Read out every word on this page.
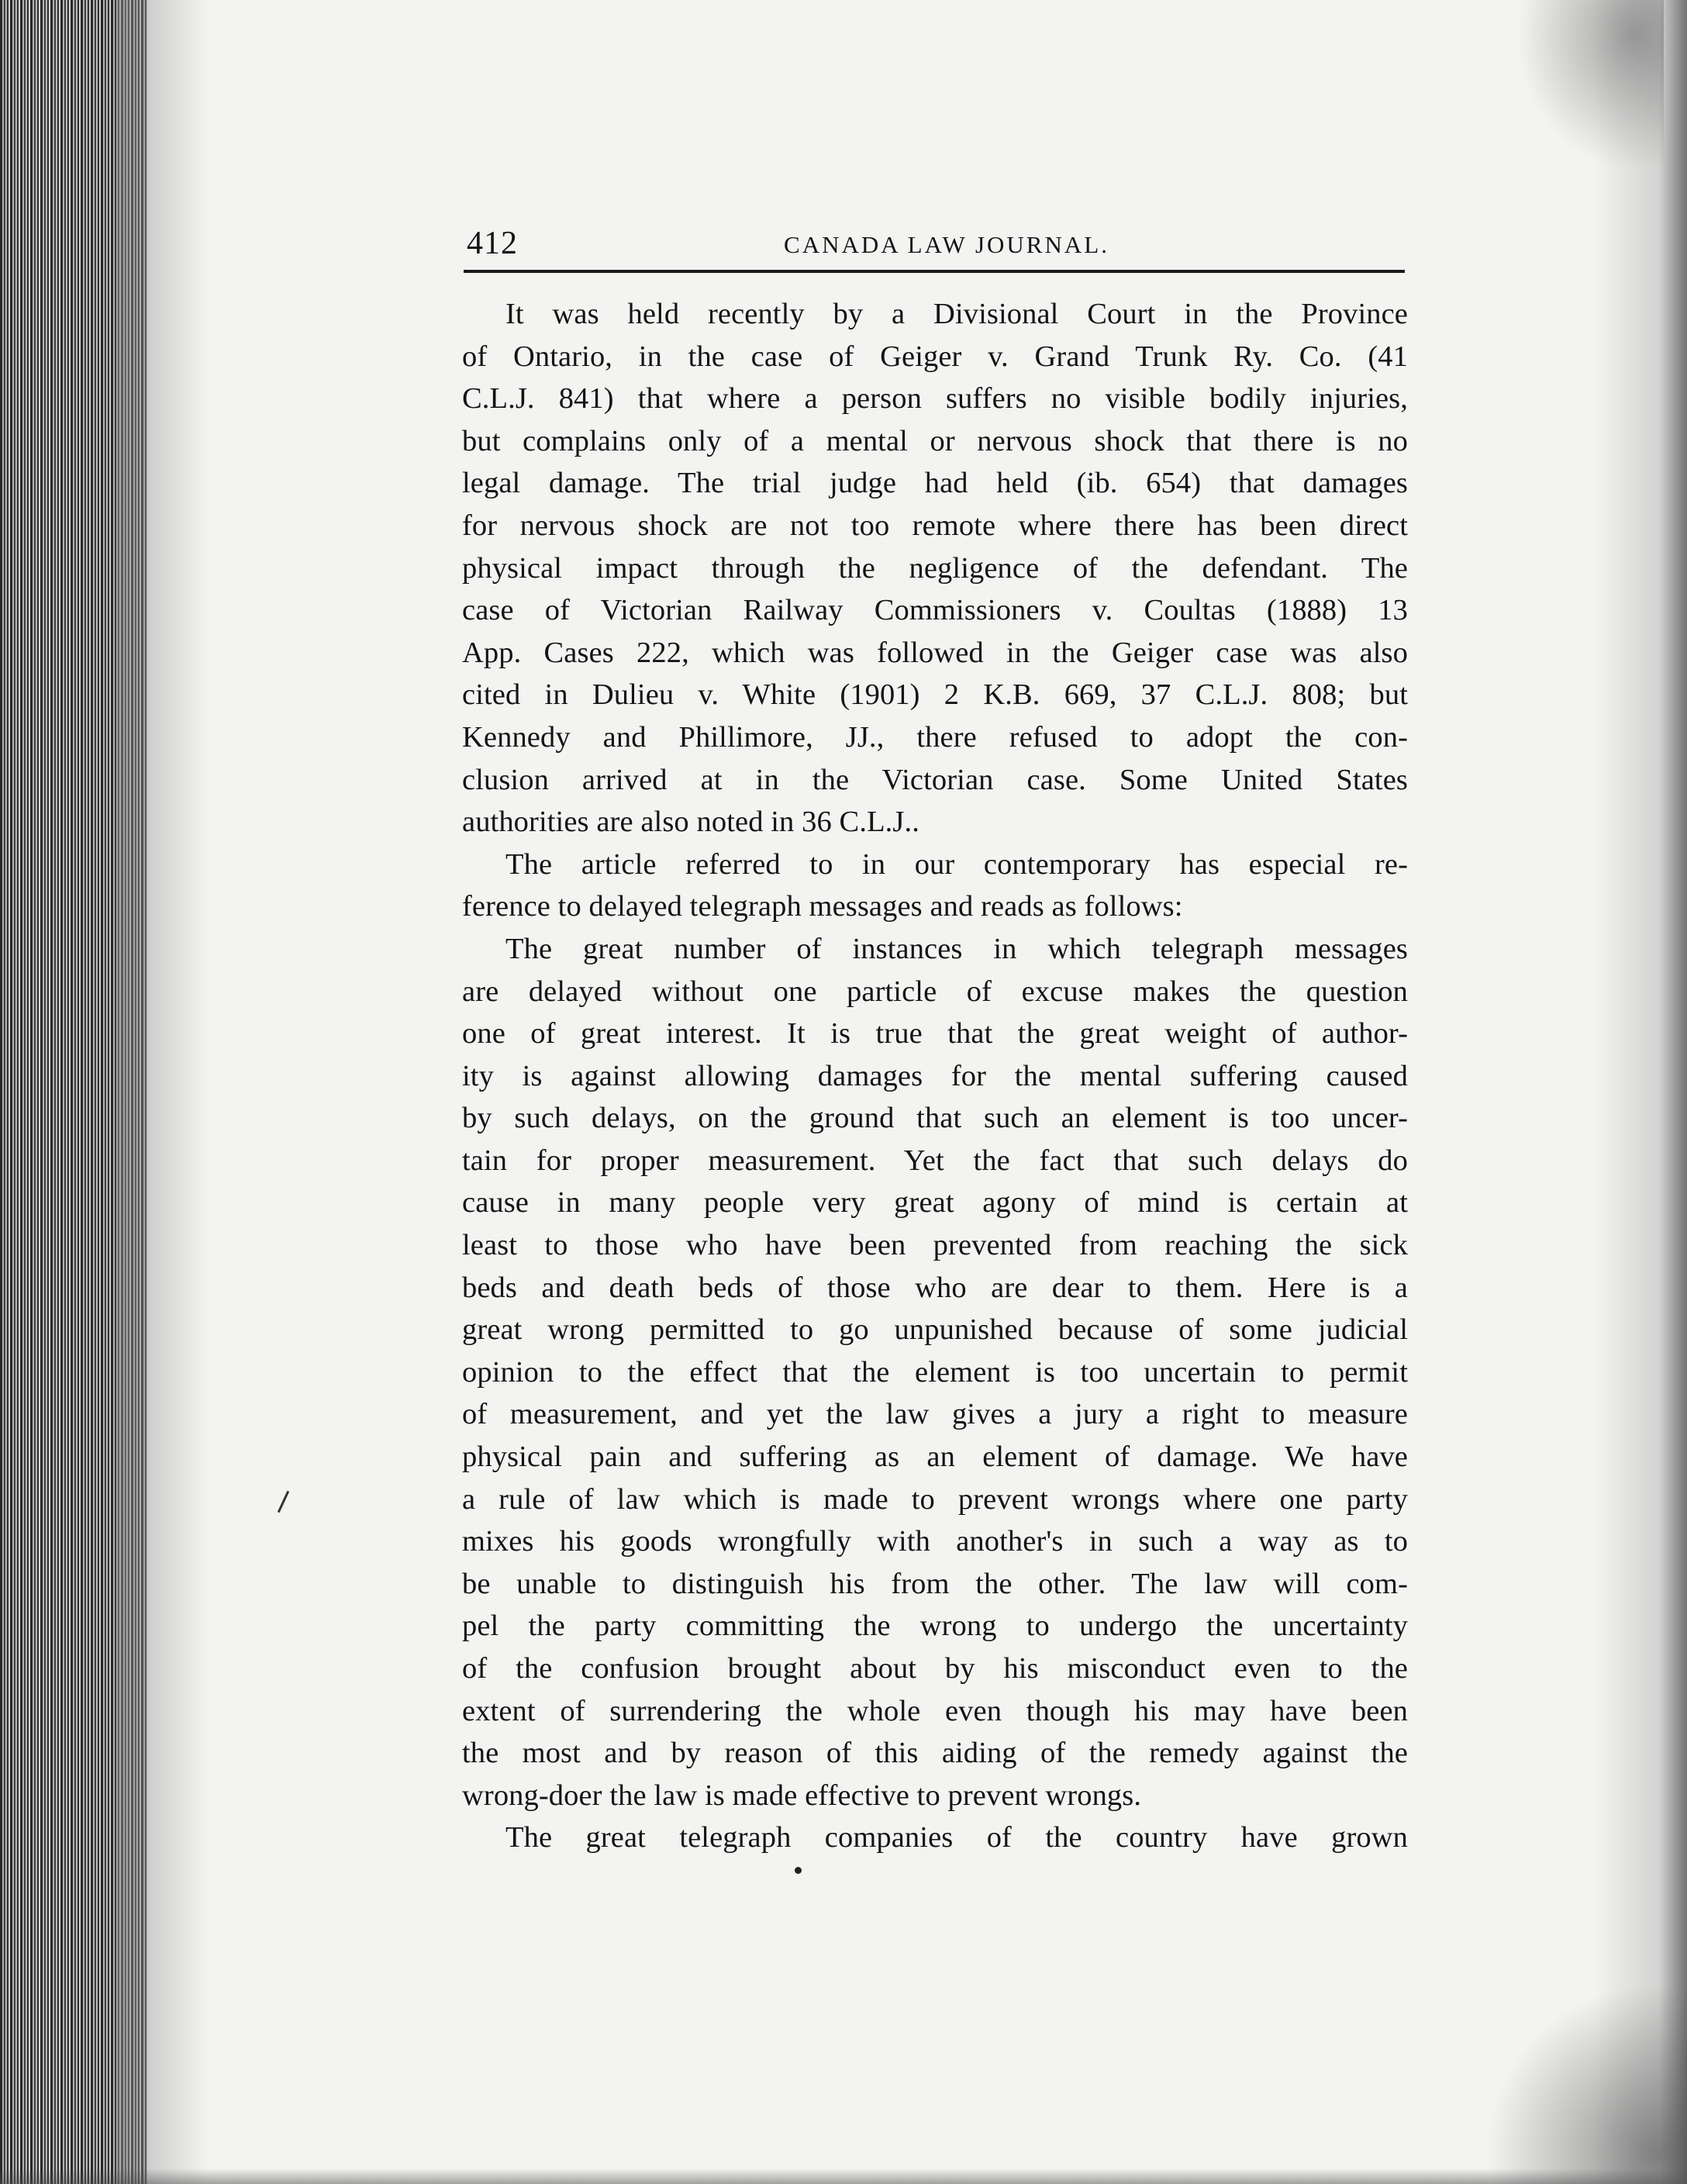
412	CANADA LAW JOURNAL.
It was held recently by a Divisional Court in the Province
of Ontario, in the case of Geiger v. Grand Trunk Ry. Co. (41
C.L.J. 841) that where a person suffers no visible bodily injuries,
but complains only of a mental or nervous shock that there is no
legal damage. The trial judge had held (ib. 654) that damages
for nervous shock are not too remote where there has been direct
physical impact through the negligence of the defendant. The
case of Victorian Railway Commissioners v. Coultas (1888) 13
App. Cases 222, which was followed in the Geiger case was also
cited in Dulieu v. White (1901) 2 K.B. 669, 37 C.L.J. 808; but
Kennedy and Phillimore, JJ., there refused to adopt the con-
clusion arrived at in the Victorian case. Some United States
authorities are also noted in 36 C.L.J..
The article referred to in our contemporary has especial re-
ference to delayed telegraph messages and reads as follows:
The great number of instances in which telegraph messages
are delayed without one particle of excuse makes the question
one of great interest. It is true that the great weight of author-
ity is against allowing damages for the mental suffering caused
by such delays, on the ground that such an element is too uncer-
tain for proper measurement. Yet the fact that such delays do
cause in many people very great agony of mind is certain at
least to those who have been prevented from reaching the sick
beds and death beds of those who are dear to them. Here is a
great wrong permitted to go unpunished because of some judicial
opinion to the effect that the element is too uncertain to permit
of measurement, and yet the law gives a jury a right to measure
physical pain and suffering as an element of damage. We have
a rule of law which is made to prevent wrongs where one party
mixes his goods wrongfully with another's in such a way as to
be unable to distinguish his from the other. The law will com-
pel the party committing the wrong to undergo the uncertainty
of the confusion brought about by his misconduct even to the
extent of surrendering the whole even though his may have been
the most and by reason of this aiding of the remedy against the
wrong-doer the law is made effective to prevent wrongs.
The great telegraph companies of the country have grown
